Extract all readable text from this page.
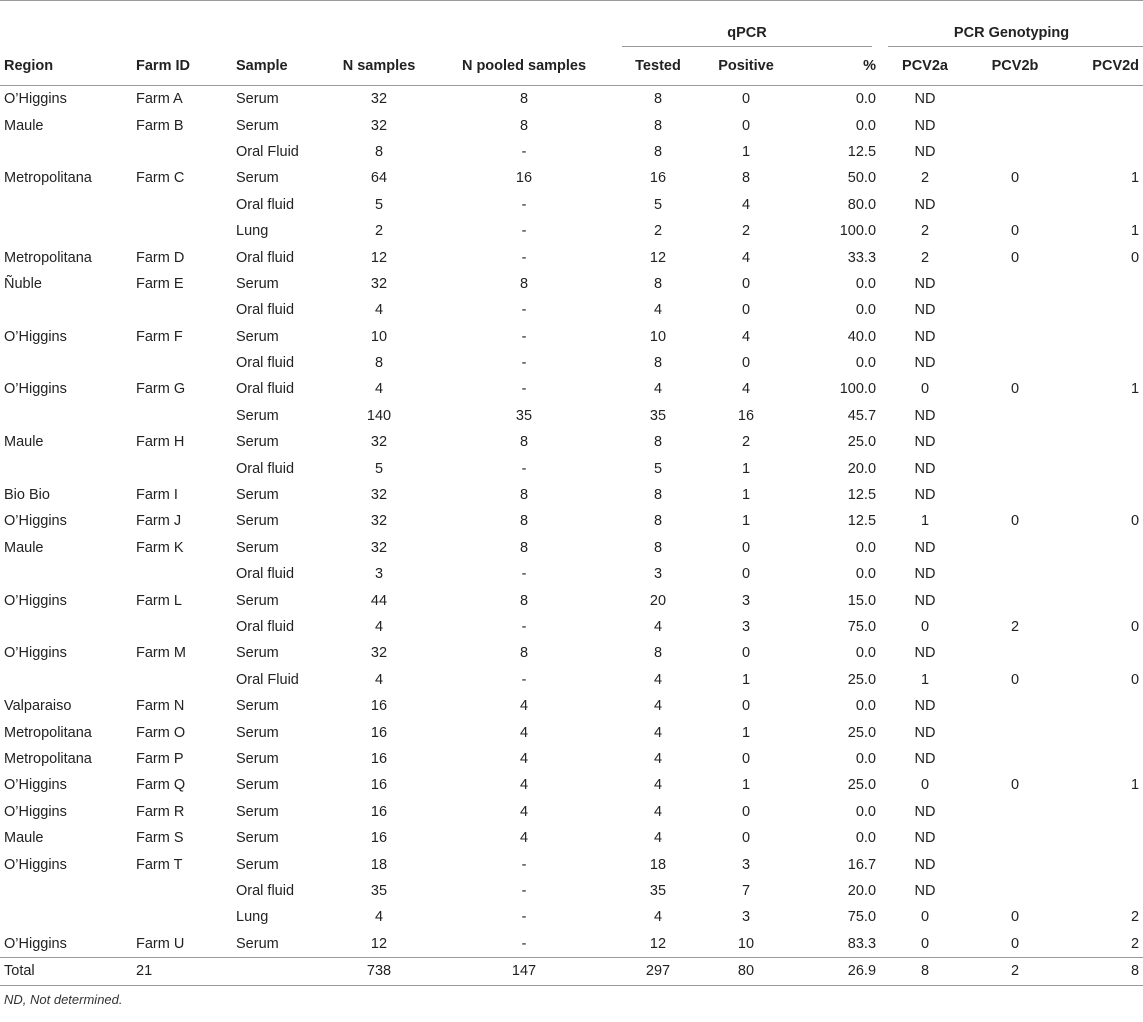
					qPCR			PCR Genotyping		

Region	Farm ID	Sample	N samples	N pooled samples	Tested	Positive	%	PCV2a	PCV2b	PCV2d
O’Higgins	Farm A	Serum	32	8	8	0	0.0	ND		
Maule	Farm B	Serum	32	8	8	0	0.0	ND		
		Oral Fluid	8	-	8	1	12.5	ND		
Metropolitana	Farm C	Serum	64	16	16	8	50.0	2	0	1
		Oral fluid	5	-	5	4	80.0	ND		
		Lung	2	-	2	2	100.0	2	0	1
Metropolitana	Farm D	Oral fluid	12	-	12	4	33.3	2	0	0
Ñuble	Farm E	Serum	32	8	8	0	0.0	ND		
		Oral fluid	4	-	4	0	0.0	ND		
O’Higgins	Farm F	Serum	10	-	10	4	40.0	ND		
		Oral fluid	8	-	8	0	0.0	ND		
O’Higgins	Farm G	Oral fluid	4	-	4	4	100.0	0	0	1
		Serum	140	35	35	16	45.7	ND		
Maule	Farm H	Serum	32	8	8	2	25.0	ND		
		Oral fluid	5	-	5	1	20.0	ND		
Bio Bio	Farm I	Serum	32	8	8	1	12.5	ND		
O’Higgins	Farm J	Serum	32	8	8	1	12.5	1	0	0
Maule	Farm K	Serum	32	8	8	0	0.0	ND		
		Oral fluid	3	-	3	0	0.0	ND		
O’Higgins	Farm L	Serum	44	8	20	3	15.0	ND		
		Oral fluid	4	-	4	3	75.0	0	2	0
O’Higgins	Farm M	Serum	32	8	8	0	0.0	ND		
		Oral Fluid	4	-	4	1	25.0	1	0	0
Valparaiso	Farm N	Serum	16	4	4	0	0.0	ND		
Metropolitana	Farm O	Serum	16	4	4	1	25.0	ND		
Metropolitana	Farm P	Serum	16	4	4	0	0.0	ND		
O’Higgins	Farm Q	Serum	16	4	4	1	25.0	0	0	1
O’Higgins	Farm R	Serum	16	4	4	0	0.0	ND		
Maule	Farm S	Serum	16	4	4	0	0.0	ND		
O’Higgins	Farm T	Serum	18	-	18	3	16.7	ND		
		Oral fluid	35	-	35	7	20.0	ND		
		Lung	4	-	4	3	75.0	0	0	2
O’Higgins	Farm U	Serum	12	-	12	10	83.3	0	0	2
Total	21		738	147	297	80	26.9	8	2	8
ND, Not determined.
